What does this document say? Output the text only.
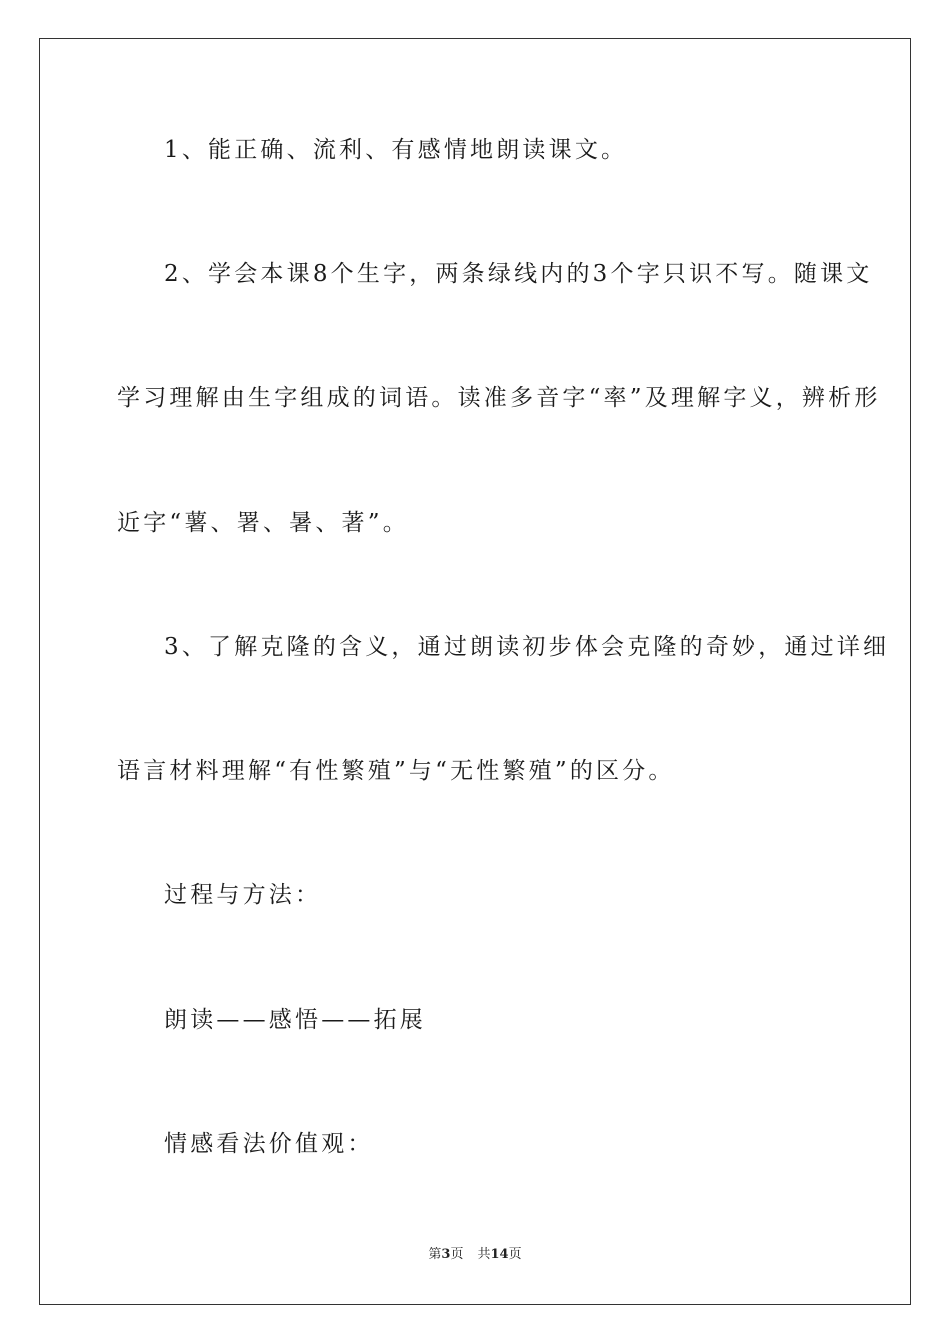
1、能正确、流利、有感情地朗读课文。
2、学会本课8个生字，两条绿线内的3个字只识不写。随课文
学习理解由生字组成的词语。读准多音字“率”及理解字义，辨析形
近字“薯、署、暑、著”。
3、了解克隆的含义，通过朗读初步体会克隆的奇妙，通过详细
语言材料理解“有性繁殖”与“无性繁殖”的区分。
过程与方法：
朗读——感悟——拓展
情感看法价值观：
第3页 共14页
